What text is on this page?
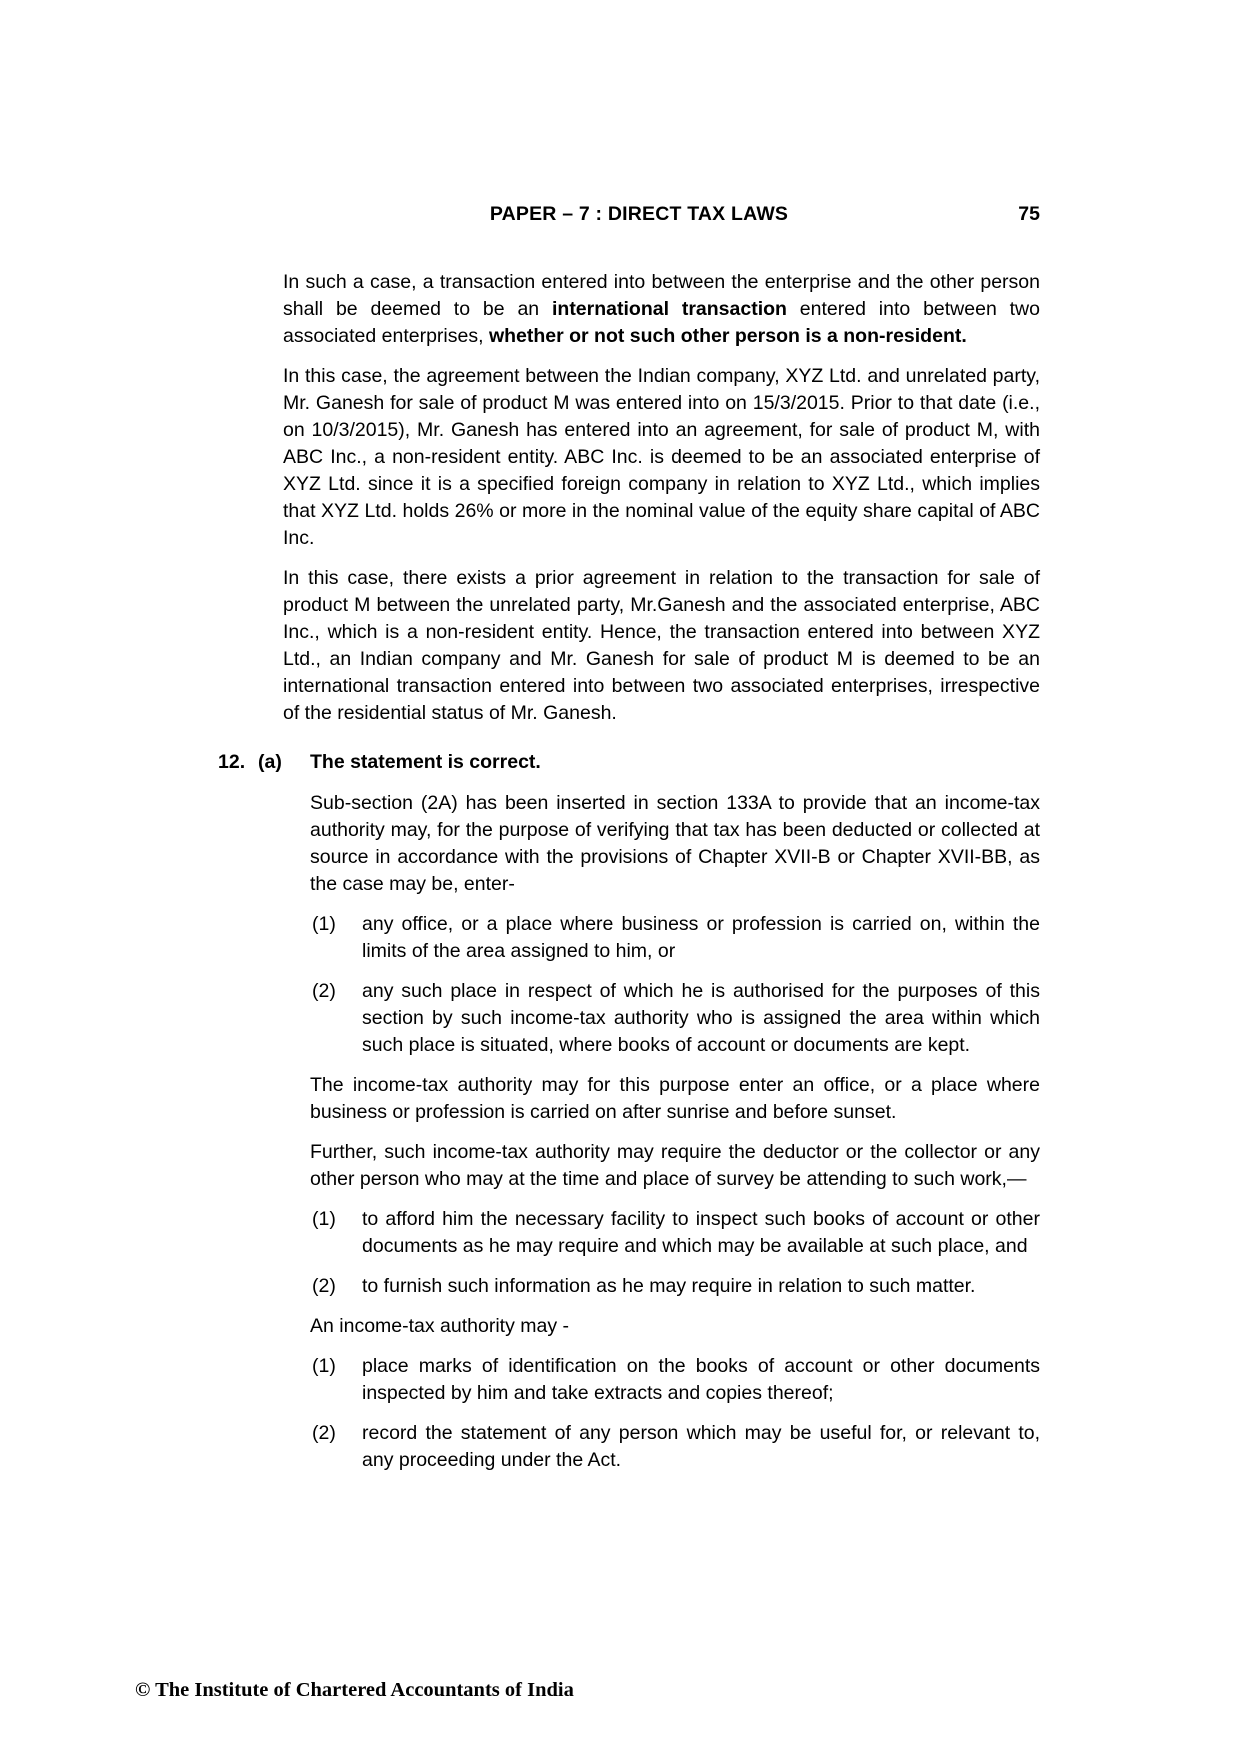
PAPER – 7 : DIRECT TAX LAWS	75

In such a case, a transaction entered into between the enterprise and the other person shall be deemed to be an international transaction entered into between two associated enterprises, whether or not such other person is a non-resident.

In this case, the agreement between the Indian company, XYZ Ltd. and unrelated party, Mr. Ganesh for sale of product M was entered into on 15/3/2015. Prior to that date (i.e., on 10/3/2015), Mr. Ganesh has entered into an agreement, for sale of product M, with ABC Inc., a non-resident entity. ABC Inc. is deemed to be an associated enterprise of XYZ Ltd. since it is a specified foreign company in relation to XYZ Ltd., which implies that XYZ Ltd. holds 26% or more in the nominal value of the equity share capital of ABC Inc.

In this case, there exists a prior agreement in relation to the transaction for sale of product M between the unrelated party, Mr.Ganesh and the associated enterprise, ABC Inc., which is a non-resident entity. Hence, the transaction entered into between XYZ Ltd., an Indian company and Mr. Ganesh for sale of product M is deemed to be an international transaction entered into between two associated enterprises, irrespective of the residential status of Mr. Ganesh.

12. (a)	The statement is correct.

Sub-section (2A) has been inserted in section 133A to provide that an income-tax authority may, for the purpose of verifying that tax has been deducted or collected at source in accordance with the provisions of Chapter XVII-B or Chapter XVII-BB, as the case may be, enter-

(1)	any office, or a place where business or profession is carried on, within the limits of the area assigned to him, or
(2)	any such place in respect of which he is authorised for the purposes of this section by such income-tax authority who is assigned the area within which such place is situated, where books of account or documents are kept.

The income-tax authority may for this purpose enter an office, or a place where business or profession is carried on after sunrise and before sunset.

Further, such income-tax authority may require the deductor or the collector or any other person who may at the time and place of survey be attending to such work,—

(1)	to afford him the necessary facility to inspect such books of account or other documents as he may require and which may be available at such place, and
(2)	to furnish such information as he may require in relation to such matter.

An income-tax authority may -

(1)	place marks of identification on the books of account or other documents inspected by him and take extracts and copies thereof;
(2)	record the statement of any person which may be useful for, or relevant to, any proceeding under the Act.
© The Institute of Chartered Accountants of India
